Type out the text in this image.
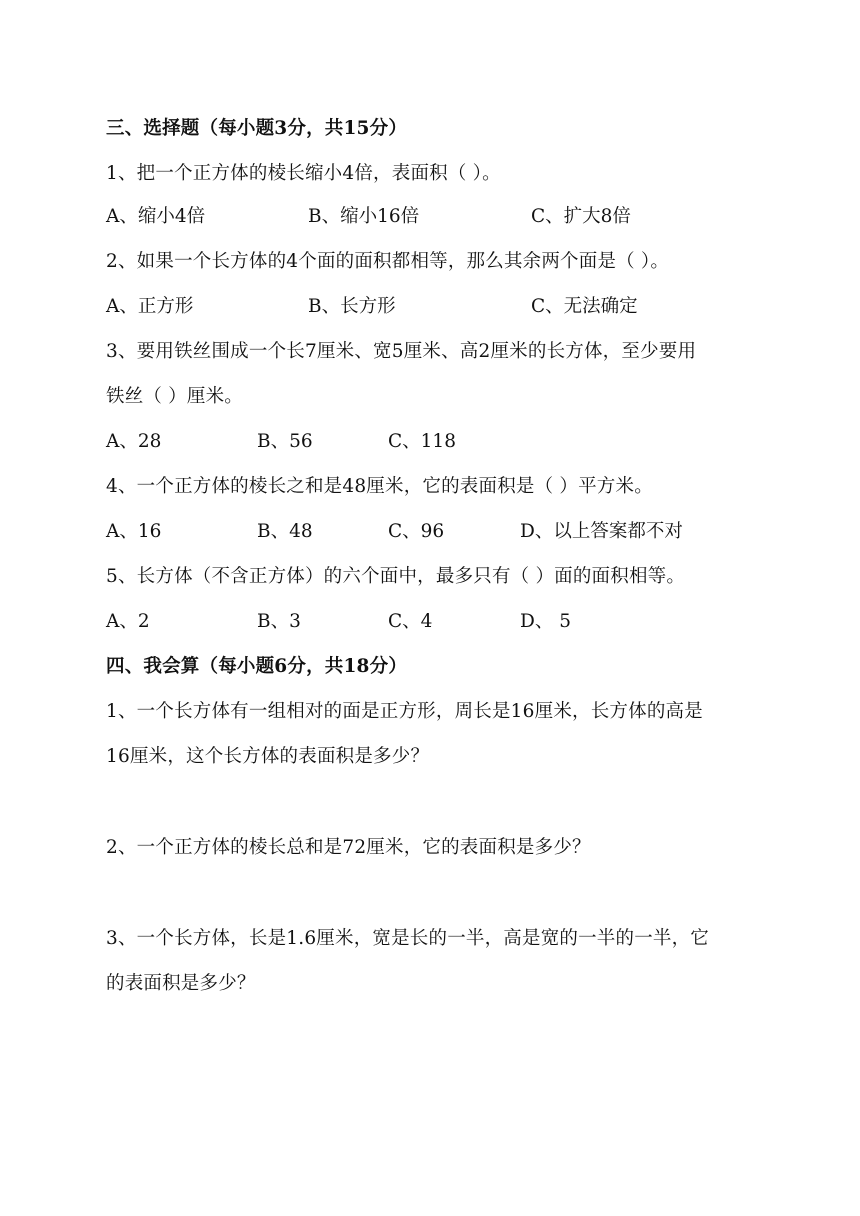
三、选择题（每小题3分，共15分）
1、把一个正方体的棱长缩小4倍，表面积（ ）。
A、缩小4倍	B、缩小16倍	C、扩大8倍
2、如果一个长方体的4个面的面积都相等，那么其余两个面是（ ）。
A、正方形	B、长方形	C、无法确定
3、要用铁丝围成一个长7厘米、宽5厘米、高2厘米的长方体，至少要用
铁丝（ ）厘米。
A、28	B、56	C、118
4、一个正方体的棱长之和是48厘米，它的表面积是（ ）平方米。
A、16	B、48	C、96	D、以上答案都不对
5、长方体（不含正方体）的六个面中，最多只有（ ）面的面积相等。
A、2	B、3	C、4	D、 5
四、我会算（每小题6分，共18分）
1、一个长方体有一组相对的面是正方形，周长是16厘米，长方体的高是
16厘米，这个长方体的表面积是多少？
2、一个正方体的棱长总和是72厘米，它的表面积是多少？
3、一个长方体，长是1.6厘米，宽是长的一半，高是宽的一半的一半，它
的表面积是多少？
